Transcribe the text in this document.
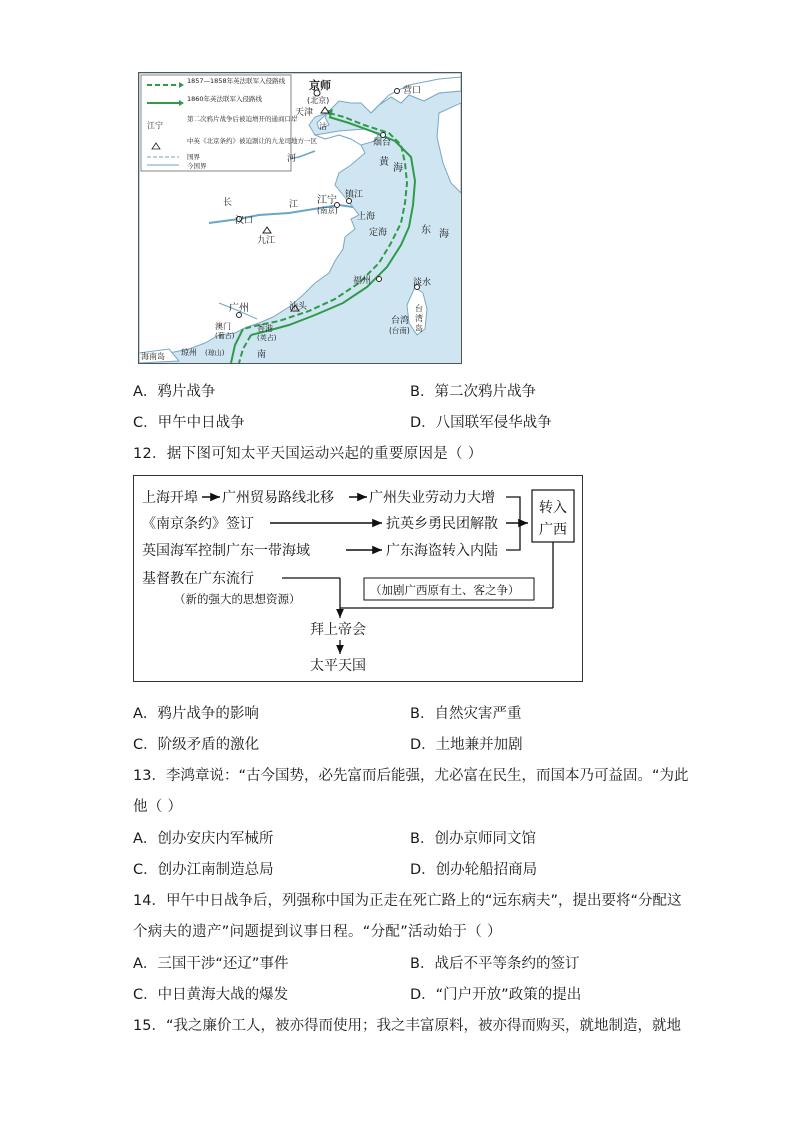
江宁
1857—1858年英法联军入侵路线
1860年英法联军入侵路线
第二次鸦片战争后被迫增开的通商口岸
中英《北京条约》被迫割让的九龙司地方一区
国界
今国界
京师
(北京)
天津
沽
营口
烟台
黄
海
河
江宁
(南京)
镇江
上海
定海
汉口
九江
长	江
东 海
福州	淡水
台
湾
岛
台湾
(台南)
广州	汕头
澳门
(葡占)
香港
(英占)
南
海南岛 琼州 (琼山)
A．鸦片战争	B．第二次鸦片战争
C．甲午中日战争	D．八国联军侵华战争
12．据下图可知太平天国运动兴起的重要原因是（ ）
上海开埠 广州贸易路线北移	广州失业劳动力大增
《南京条约》签订	抗英乡勇民团解散
英国海军控制广东一带海域	广东海盗转入内陆
转入
广西
基督教在广东流行
（新的强大的思想资源）
（加剧广西原有土、客之争）
拜上帝会
太平天国
A．鸦片战争的影响	B．自然灾害严重
C．阶级矛盾的激化	D．土地兼并加剧
13．李鸿章说：“古今国势，必先富而后能强，尤必富在民生，而国本乃可益固。“为此
他（ ）
A．创办安庆内军械所	B．创办京师同文馆
C．创办江南制造总局	D．创办轮船招商局
14．甲午中日战争后，列强称中国为正走在死亡路上的“远东病夫”，提出要将“分配这
个病夫的遗产”问题提到议事日程。“分配”活动始于（ ）
A．三国干涉“还辽”事件	B．战后不平等条约的签订
C．中日黄海大战的爆发	D．“门户开放”政策的提出
15．“我之廉价工人，被亦得而使用；我之丰富原料，被亦得而购买，就地制造，就地
